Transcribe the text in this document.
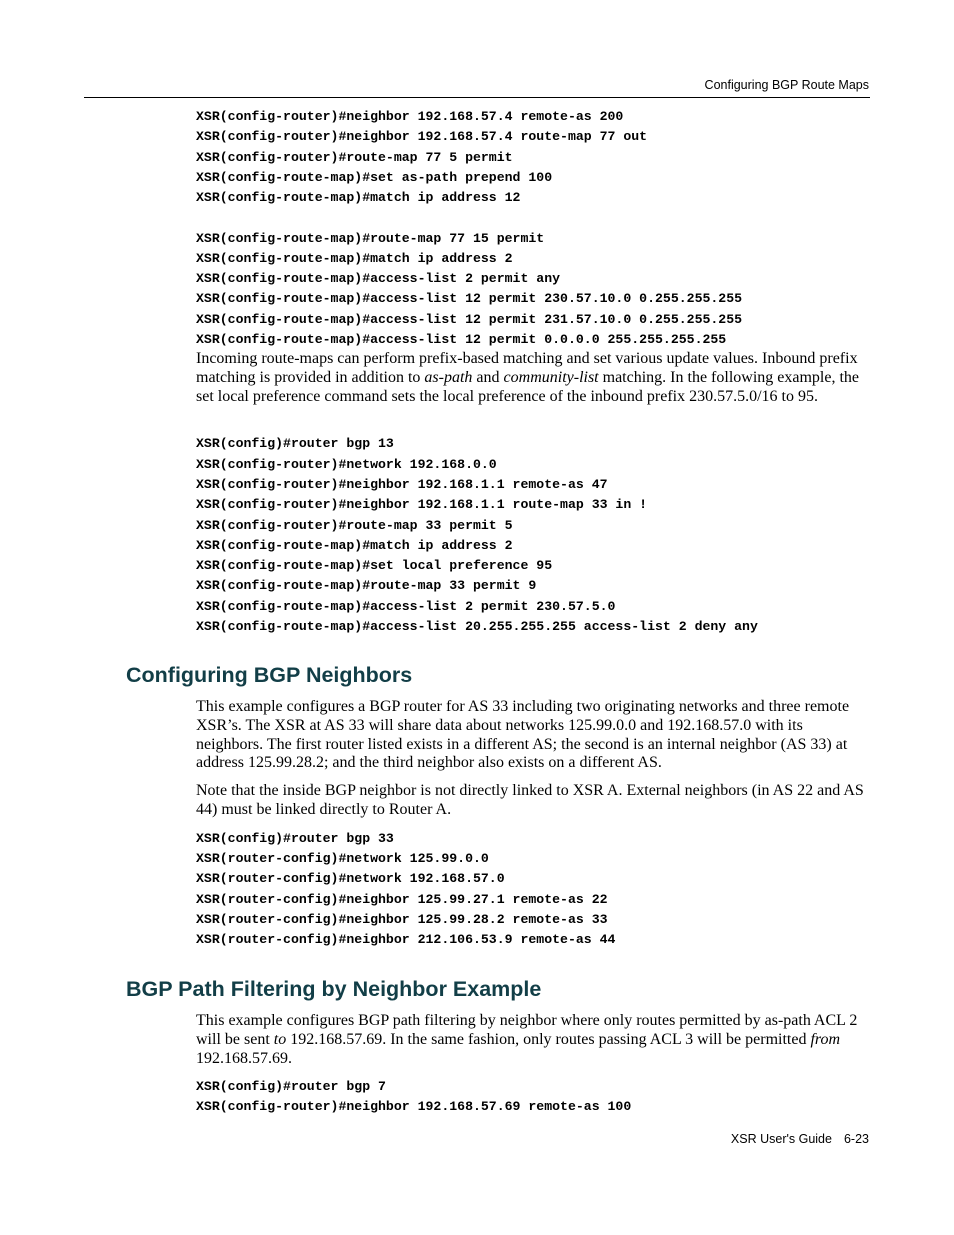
Configuring BGP Route Maps
XSR(config-router)#neighbor 192.168.57.4 remote-as 200
XSR(config-router)#neighbor 192.168.57.4 route-map 77 out
XSR(config-router)#route-map 77 5 permit
XSR(config-route-map)#set as-path prepend 100
XSR(config-route-map)#match ip address 12
XSR(config-route-map)#route-map 77 15 permit
XSR(config-route-map)#match ip address 2
XSR(config-route-map)#access-list 2 permit any
XSR(config-route-map)#access-list 12 permit 230.57.10.0 0.255.255.255
XSR(config-route-map)#access-list 12 permit 231.57.10.0 0.255.255.255
XSR(config-route-map)#access-list 12 permit 0.0.0.0 255.255.255.255

Incoming route-maps can perform prefix-based matching and set various update values. Inbound prefix matching is provided in addition to as-path and community-list matching. In the following example, the set local preference command sets the local preference of the inbound prefix 230.57.5.0/16 to 95.

XSR(config)#router bgp 13
XSR(config-router)#network 192.168.0.0
XSR(config-router)#neighbor 192.168.1.1 remote-as 47
XSR(config-router)#neighbor 192.168.1.1 route-map 33 in !
XSR(config-router)#route-map 33 permit 5
XSR(config-route-map)#match ip address 2
XSR(config-route-map)#set local preference 95
XSR(config-route-map)#route-map 33 permit 9
XSR(config-route-map)#access-list 2 permit 230.57.5.0
XSR(config-route-map)#access-list 20.255.255.255 access-list 2 deny any
Configuring BGP Neighbors

This example configures a BGP router for AS 33 including two originating networks and three remote XSR’s. The XSR at AS 33 will share data about networks 125.99.0.0 and 192.168.57.0 with its neighbors. The first router listed exists in a different AS; the second is an internal neighbor (AS 33) at address 125.99.28.2; and the third neighbor also exists on a different AS.

Note that the inside BGP neighbor is not directly linked to XSR A. External neighbors (in AS 22 and AS 44) must be linked directly to Router A.

XSR(config)#router bgp 33
XSR(router-config)#network 125.99.0.0
XSR(router-config)#network 192.168.57.0
XSR(router-config)#neighbor 125.99.27.1 remote-as 22
XSR(router-config)#neighbor 125.99.28.2 remote-as 33
XSR(router-config)#neighbor 212.106.53.9 remote-as 44
BGP Path Filtering by Neighbor Example

This example configures BGP path filtering by neighbor where only routes permitted by as-path ACL 2 will be sent to 192.168.57.69. In the same fashion, only routes passing ACL 3 will be permitted from 192.168.57.69.

XSR(config)#router bgp 7
XSR(config-router)#neighbor 192.168.57.69 remote-as 100
XSR User's Guide 6-23
